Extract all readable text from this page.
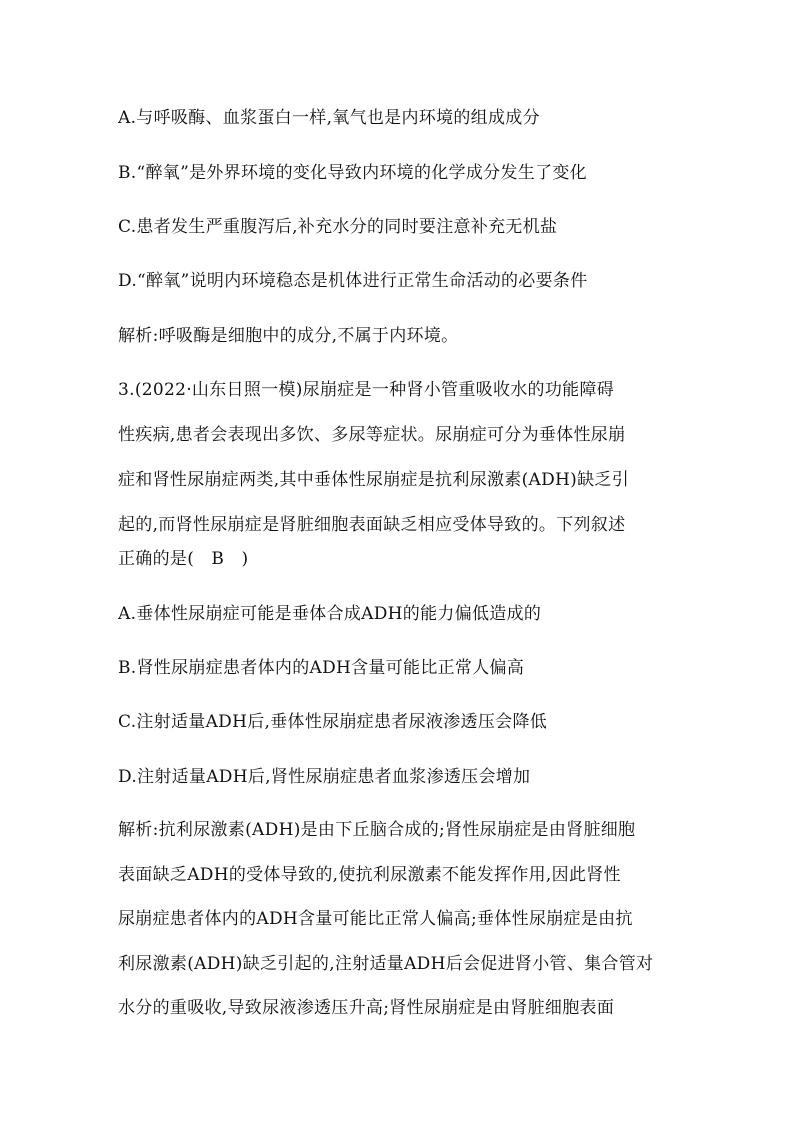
A.与呼吸酶、血浆蛋白一样,氧气也是内环境的组成成分
B.“醉氧”是外界环境的变化导致内环境的化学成分发生了变化
C.患者发生严重腹泻后,补充水分的同时要注意补充无机盐
D.“醉氧”说明内环境稳态是机体进行正常生命活动的必要条件
解析:呼吸酶是细胞中的成分,不属于内环境。
3.(2022·山东日照一模)尿崩症是一种肾小管重吸收水的功能障碍
性疾病,患者会表现出多饮、多尿等症状。尿崩症可分为垂体性尿崩
症和肾性尿崩症两类,其中垂体性尿崩症是抗利尿激素(ADH)缺乏引
起的,而肾性尿崩症是肾脏细胞表面缺乏相应受体导致的。下列叙述
正确的是(　B　)
A.垂体性尿崩症可能是垂体合成ADH的能力偏低造成的
B.肾性尿崩症患者体内的ADH含量可能比正常人偏高
C.注射适量ADH后,垂体性尿崩症患者尿液渗透压会降低
D.注射适量ADH后,肾性尿崩症患者血浆渗透压会增加
解析:抗利尿激素(ADH)是由下丘脑合成的;肾性尿崩症是由肾脏细胞
表面缺乏ADH的受体导致的,使抗利尿激素不能发挥作用,因此肾性
尿崩症患者体内的ADH含量可能比正常人偏高;垂体性尿崩症是由抗
利尿激素(ADH)缺乏引起的,注射适量ADH后会促进肾小管、集合管对
水分的重吸收,导致尿液渗透压升高;肾性尿崩症是由肾脏细胞表面
